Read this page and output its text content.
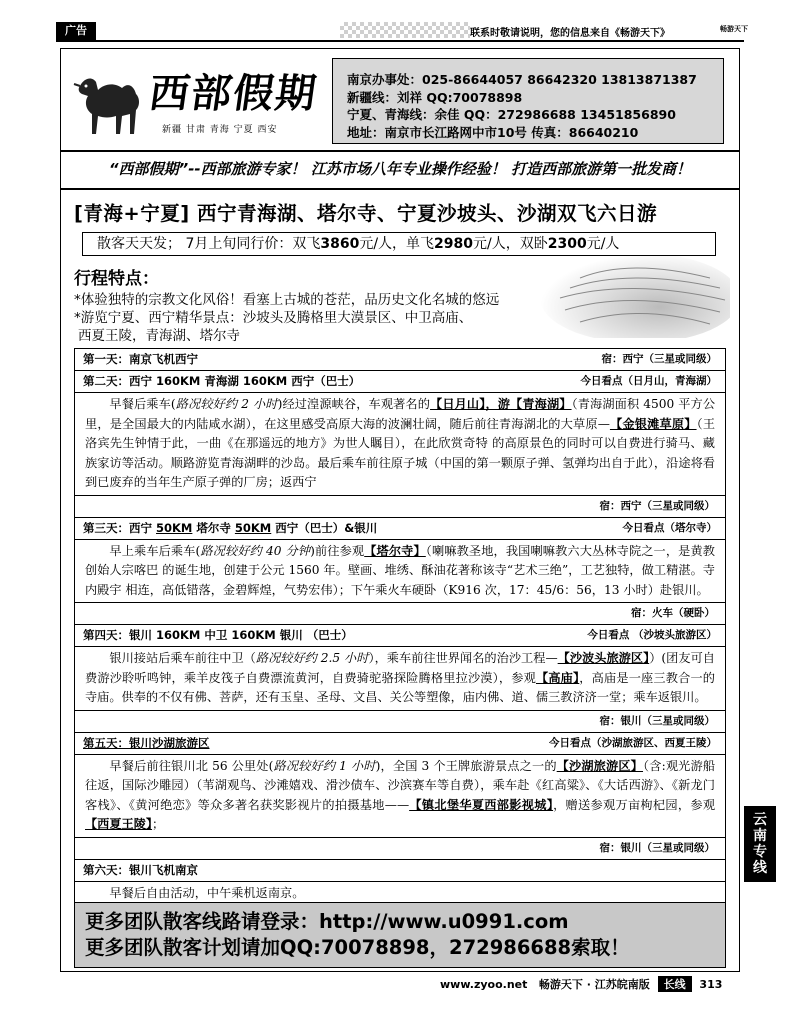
广告	联系时敬请说明，您的信息来自《畅游天下》	畅游天下
西部假期
新疆 甘肃 青海 宁夏 西安
南京办事处：025-86644057 86642320 13813871387
新疆线：刘祥 QQ:70078898
宁夏、青海线：余佳 QQ：272986688 13451856890
地址：南京市长江路网中市10号 传真：86640210
“西部假期”--西部旅游专家！ 江苏市场八年专业操作经验！ 打造西部旅游第一批发商！
[青海+宁夏] 西宁青海湖、塔尔寺、宁夏沙坡头、沙湖双飞六日游
散客天天发； 7月上旬同行价：双飞3860元/人，单飞2980元/人，双卧2300元/人
行程特点：
*体验独特的宗教文化风俗！看塞上古城的苍茫，品历史文化名城的悠远
*游览宁夏、西宁精华景点：沙坡头及腾格里大漠景区、中卫高庙、
西夏王陵，青海湖、塔尔寺
第一天：南京飞机西宁	宿：西宁（三星或同级）
第二天：西宁 160KM 青海湖 160KM 西宁（巴士）	今日看点（日月山，青海湖）
早餐后乘车(路况较好约 2 小时)经过湟源峡谷，车观著名的【日月山】，游【青海湖】（青海湖面积 4500 平方公里，是全国最大的内陆咸水湖），在这里感受高原大海的波澜壮阔，随后前往青海湖北的大草原—【金银滩草原】（王洛宾先生钟情于此，一曲《在那遥远的地方》为世人瞩目），在此欣赏奇特 的高原景色的同时可以自费进行骑马、藏族家访等活动。顺路游览青海湖畔的沙岛。最后乘车前往原子城（中国的第一颗原子弹、氢弹均出自于此），沿途将看到已废弃的当年生产原子弹的厂房；返西宁
宿：西宁（三星或同级）
第三天：西宁 50KM 塔尔寺 50KM 西宁（巴士）&银川	今日看点（塔尔寺）
早上乘车后乘车(路况较好约 40 分钟)前往参观【塔尔寺】（喇嘛教圣地，我国喇嘛教六大丛林寺院之一，是黄教创始人宗喀巴 的诞生地，创建于公元 1560 年。壁画、堆绣、酥油花著称该寺“艺术三绝”，工艺独特，做工精湛。寺内殿宇 相连，高低错落，金碧辉煌，气势宏伟）；下午乘火车硬卧（K916 次，17：45/6：56，13 小时）赴银川。
宿：火车（硬卧）
第四天：银川 160KM 中卫 160KM 银川 （巴士）	今日看点 （沙坡头旅游区）
银川接站后乘车前往中卫（路况较好约 2.5 小时），乘车前往世界闻名的治沙工程—【沙波头旅游区】）(团友可自费游沙聆听鸣钟，乘羊皮筏子自费漂流黄河，自费骑驼骆探险腾格里拉沙漠），参观【高庙】，高庙是一座三教合一的寺庙。供奉的不仅有佛、菩萨，还有玉皇、圣母、文昌、关公等塑像，庙内佛、道、儒三教济济一堂；乘车返银川。
宿：银川（三星或同级）
第五天：银川沙湖旅游区	今日看点（沙湖旅游区、西夏王陵）
早餐后前往银川北 56 公里处(路况较好约 1 小时)，全国 3 个王牌旅游景点之一的【沙湖旅游区】（含:观光游船往返，国际沙雕园）（苇湖观鸟、沙滩嬉戏、滑沙债车、沙滨赛车等自费），乘车赴《红高粱》、《大话西游》、《新龙门客栈》、《黄河绝恋》等众多著名获奖影视片的拍摄基地——【镇北堡华夏西部影视城】，赠送参观万亩枸杞园，参观【西夏王陵】；
宿：银川（三星或同级）
第六天：银川飞机南京
早餐后自由活动，中午乘机返南京。
更多团队散客线路请登录：http://www.u0991.com
更多团队散客计划请加QQ:70078898，272986688索取！
云南专线
www.zyoo.net 畅游天下 · 江苏皖南版 长线 313
